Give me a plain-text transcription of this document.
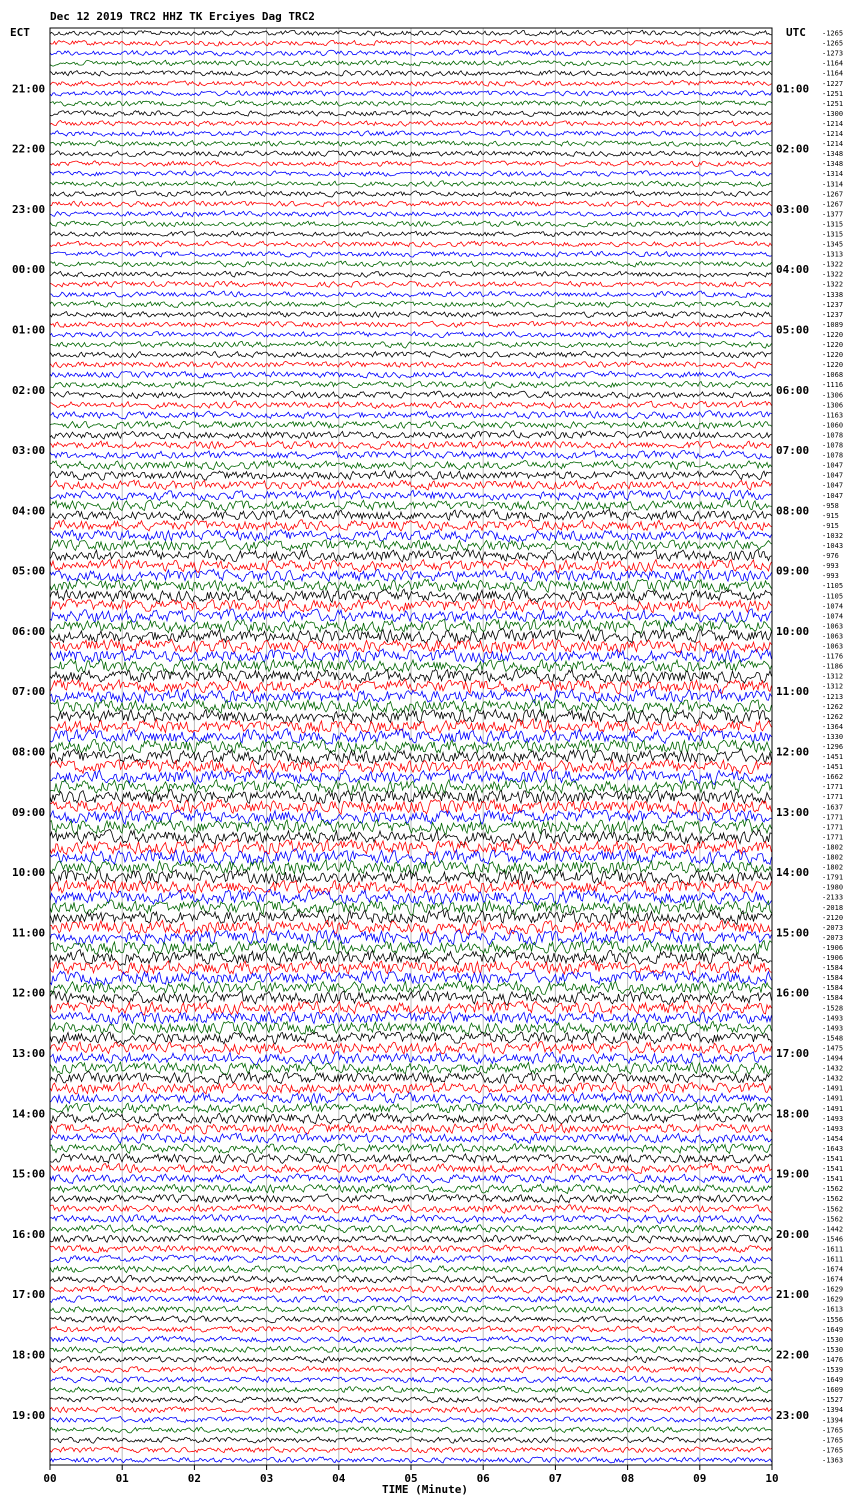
Dec 12 2019 TRC2 HHZ TK Erciyes Dag TRC2
ECT	UTC
21:00
22:00
23:00
00:00
01:00
02:00
03:00
04:00
05:00
06:00
07:00
08:00
09:00
10:00
11:00
12:00
13:00
14:00
15:00
16:00
17:00
18:00
19:00
01:00
02:00
03:00
04:00
05:00
06:00
07:00
08:00
09:00
10:00
11:00
12:00
13:00
14:00
15:00
16:00
17:00
18:00
19:00
20:00
21:00
22:00
23:00
-1265
-1265
-1273
-1164
-1164
-1227
-1251
-1251
-1300
-1214
-1214
-1214
-1348
-1348
-1314
-1314
-1267
-1267
-1377
-1315
-1315
-1345
-1313
-1322
-1322
-1322
-1338
-1237
-1237
-1089
-1220
-1220
-1220
-1220
-1068
-1116
-1306
-1306
-1163
-1060
-1078
-1078
-1078
-1047
-1047
-1047
-1047
-958
-915
-915
-1032
-1043
-976
-993
-993
-1105
-1105
-1074
-1074
-1063
-1063
-1063
-1176
-1186
-1312
-1312
-1213
-1262
-1262
-1364
-1330
-1296
-1451
-1451
-1662
-1771
-1771
-1637
-1771
-1771
-1771
-1802
-1802
-1802
-1791
-1980
-2133
-2018
-2120
-2073
-2073
-1906
-1906
-1584
-1584
-1584
-1584
-1528
-1493
-1493
-1548
-1475
-1494
-1432
-1432
-1491
-1491
-1491
-1493
-1493
-1454
-1643
-1541
-1541
-1541
-1562
-1562
-1562
-1562
-1442
-1546
-1611
-1611
-1674
-1674
-1629
-1629
-1613
-1556
-1649
-1530
-1530
-1476
-1539
-1649
-1609
-1527
-1394
-1394
-1765
-1765
-1765
-1363
00	01	02	03	04	05	06	07	08	09	10
TIME (Minute)
